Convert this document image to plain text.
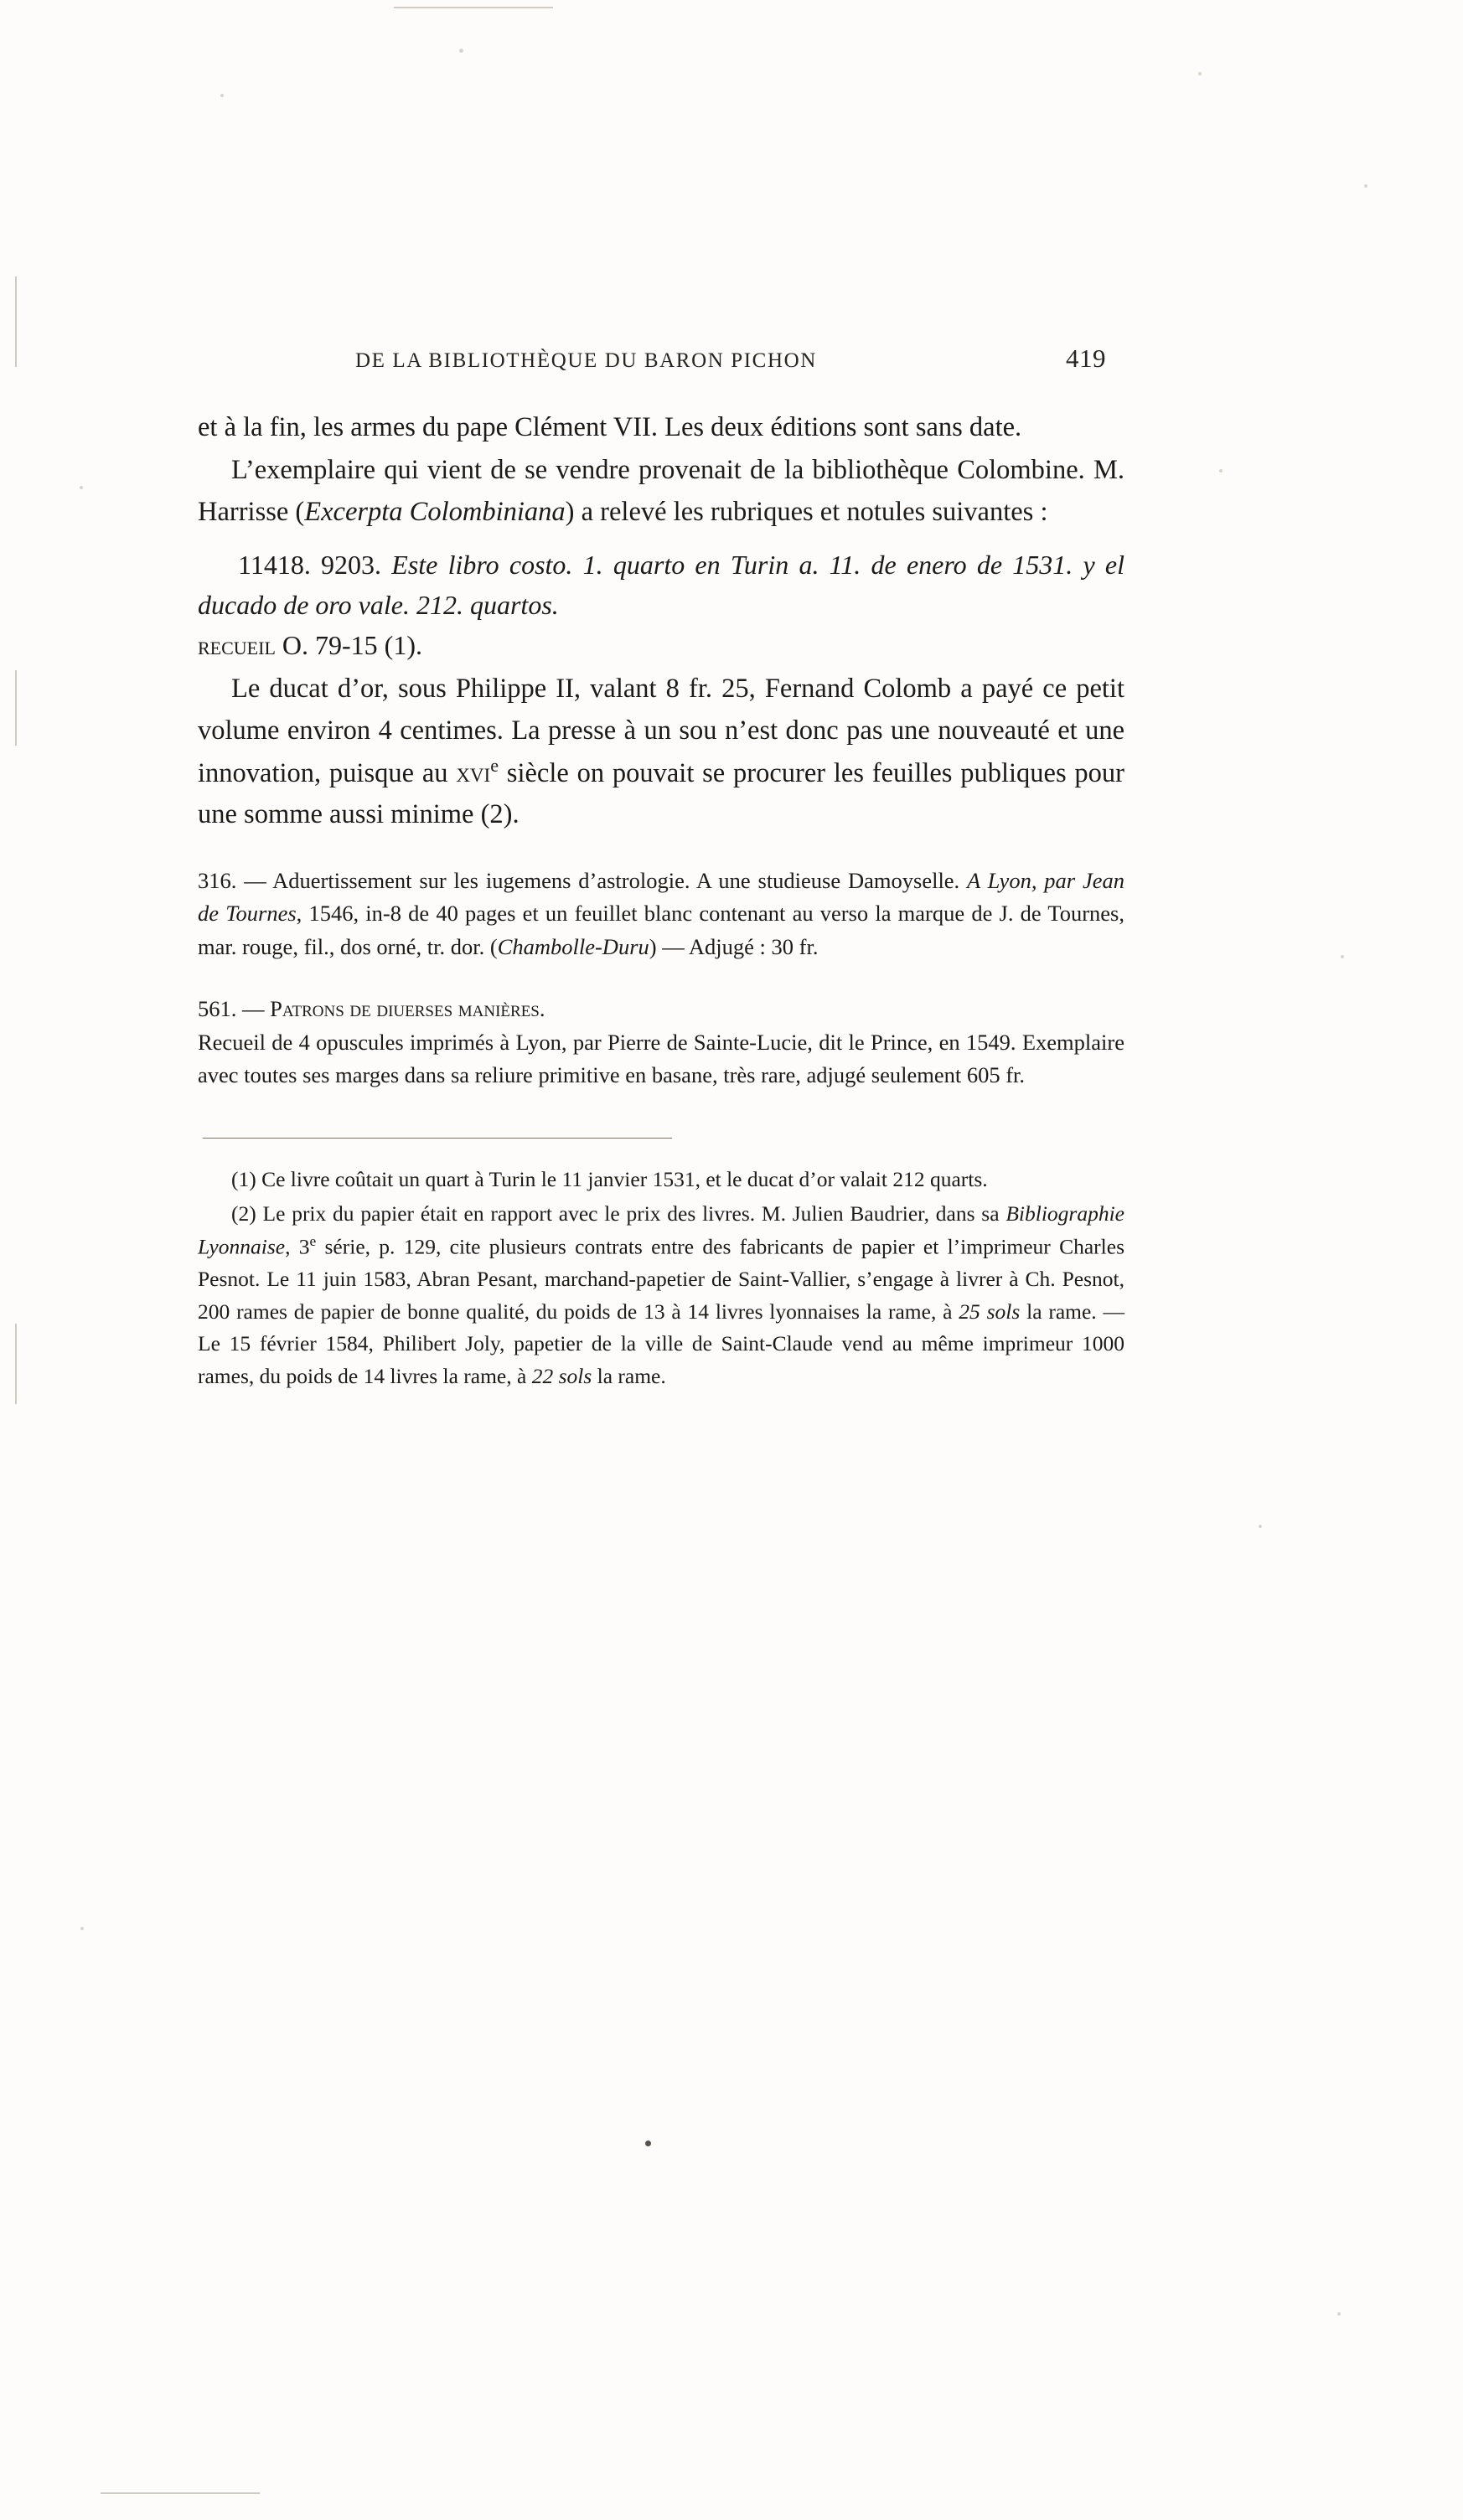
DE LA BIBLIOTHÈQUE DU BARON PICHON	419

et à la fin, les armes du pape Clément VII. Les deux éditions sont sans date.

L’exemplaire qui vient de se vendre provenait de la bibliothèque Colombine. M. Harrisse (Excerpta Colombiniana) a relevé les rubriques et notules suivantes :

11418. 9203. Este libro costo. 1. quarto en Turin a. 11. de enero de 1531. y el ducado de oro vale. 212. quartos.
recueil O. 79-15 (1).

Le ducat d’or, sous Philippe II, valant 8 fr. 25, Fernand Colomb a payé ce petit volume environ 4 centimes. La presse à un sou n’est donc pas une nouveauté et une innovation, puisque au xvi$^e$ siècle on pouvait se procurer les feuilles publiques pour une somme aussi minime (2).

316. — Aduertissement sur les iugemens d’astrologie. A une studieuse Damoyselle. A Lyon, par Jean de Tournes, 1546, in-8 de 40 pages et un feuillet blanc contenant au verso la marque de J. de Tournes, mar. rouge, fil., dos orné, tr. dor. (Chambolle-Duru) — Adjugé : 30 fr.
561. — Patrons de diuerses manières.
Recueil de 4 opuscules imprimés à Lyon, par Pierre de Sainte-Lucie, dit le Prince, en 1549. Exemplaire avec toutes ses marges dans sa reliure primitive en basane, très rare, adjugé seulement 605 fr.

(1) Ce livre coûtait un quart à Turin le 11 janvier 1531, et le ducat d’or valait 212 quarts.

(2) Le prix du papier était en rapport avec le prix des livres. M. Julien Baudrier, dans sa Bibliographie Lyonnaise, 3e série, p. 129, cite plusieurs contrats entre des fabricants de papier et l’imprimeur Charles Pesnot. Le 11 juin 1583, Abran Pesant, marchand-papetier de Saint-Vallier, s’engage à livrer à Ch. Pesnot, 200 rames de papier de bonne qualité, du poids de 13 à 14 livres lyonnaises la rame, à 25 sols la rame. — Le 15 février 1584, Philibert Joly, papetier de la ville de Saint-Claude vend au même imprimeur 1000 rames, du poids de 14 livres la rame, à 22 sols la rame.
